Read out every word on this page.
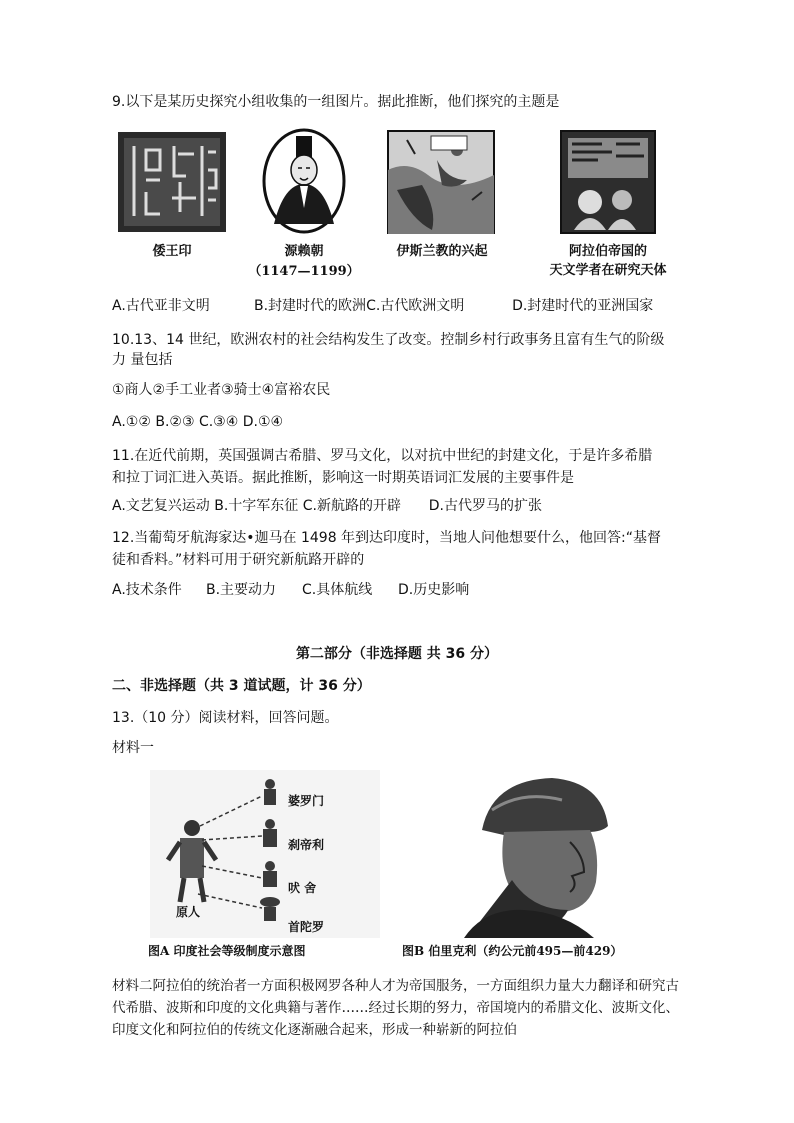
9.以下是某历史探究小组收集的一组图片。据此推断，他们探究的主题是
倭王印	源赖朝
（1147—1199）
伊斯兰教的兴起	阿拉伯帝国的
天文学者在研究天体
A.古代亚非文明	B.封建时代的欧洲C.古代欧洲文明	D.封建时代的亚洲国家
10.13、14 世纪，欧洲农村的社会结构发生了改变。控制乡村行政事务且富有生气的阶级
力 量包括
①商人②手工业者③骑士④富裕农民
A.①② B.②③ C.③④ D.①④
11.在近代前期，英国强调古希腊、罗马文化，以对抗中世纪的封建文化，于是许多希腊
和拉丁词汇进入英语。据此推断，影响这一时期英语词汇发展的主要事件是
A.文艺复兴运动 B.十字军东征 C.新航路的开辟 D.古代罗马的扩张
12.当葡萄牙航海家达•迦马在 1498 年到达印度时，当地人问他想要什么，他回答:“基督
徒和香料。”材料可用于研究新航路开辟的
A.技术条件 B.主要动力 C.具体航线 D.历史影响
第二部分（非选择题 共 36 分）
二、非选择题（共 3 道试题，计 36 分）
13.（10 分）阅读材料，回答问题。
材料一
婆罗门
刹帝利
吠 舍
首陀罗
原人
图A 印度社会等级制度示意图	图B 伯里克利（约公元前495—前429）
材料二阿拉伯的统治者一方面积极网罗各种人才为帝国服务，一方面组织力量大力翻译和研究古代希腊、波斯和印度的文化典籍与著作……经过长期的努力，帝国境内的希腊文化、波斯文化、印度文化和阿拉伯的传统文化逐渐融合起来，形成一种崭新的阿拉伯
